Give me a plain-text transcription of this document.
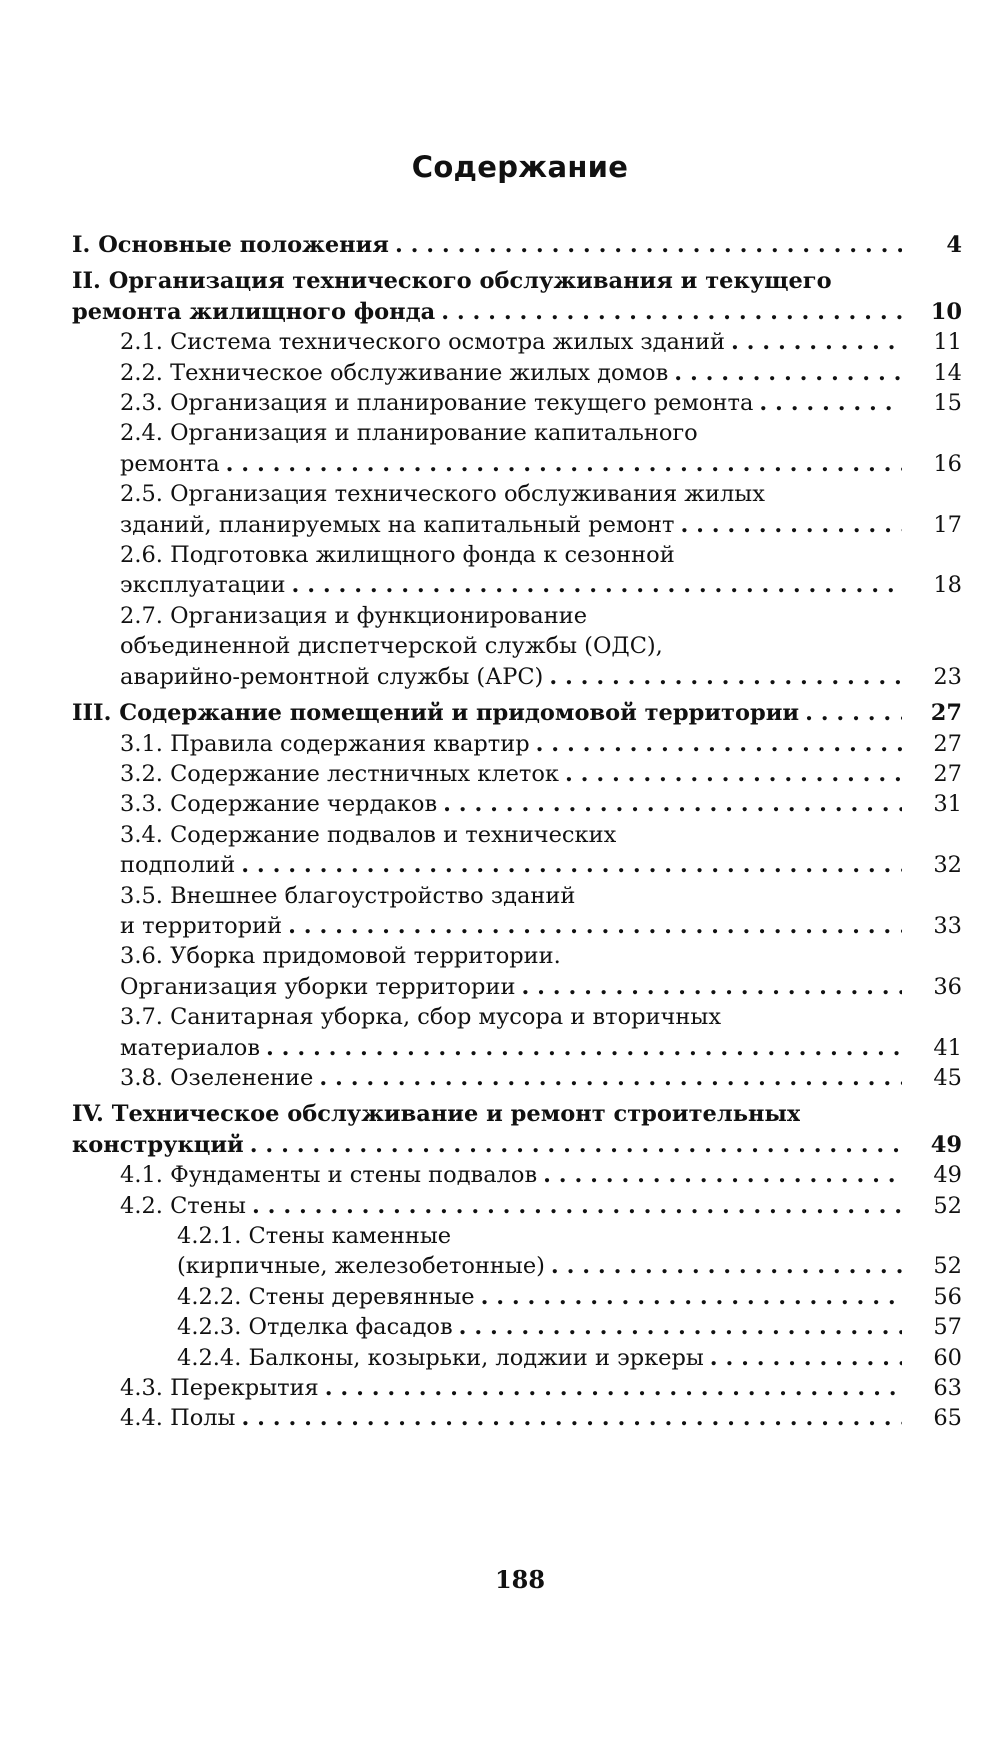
Содержание
I. Основные положения . . .	4
II. Организация технического обслуживания и текущего
ремонта жилищного фонда . . .	10
2.1. Система технического осмотра жилых зданий . . .	11
2.2. Техническое обслуживание жилых домов . . .	14
2.3. Организация и планирование текущего ремонта . . .	15
2.4. Организация и планирование капитального
ремонта . . .	16
2.5. Организация технического обслуживания жилых
зданий, планируемых на капитальный ремонт . . .	17
2.6. Подготовка жилищного фонда к сезонной
эксплуатации . . .	18
2.7. Организация и функционирование
объединенной диспетчерской службы (ОДС),
аварийно-ремонтной службы (АРС) . . .	23
III. Содержание помещений и придомовой территории . . .	27
3.1. Правила содержания квартир . . .	27
3.2. Содержание лестничных клеток . . .	27
3.3. Содержание чердаков . . .	31
3.4. Содержание подвалов и технических
подполий . . .	32
3.5. Внешнее благоустройство зданий
и территорий . . .	33
3.6. Уборка придомовой территории.
Организация уборки территории . . .	36
3.7. Санитарная уборка, сбор мусора и вторичных
материалов . . .	41
3.8. Озеленение . . .	45
IV. Техническое обслуживание и ремонт строительных
конструкций . . .	49
4.1. Фундаменты и стены подвалов . . .	49
4.2. Стены . . .	52
4.2.1. Стены каменные
(кирпичные, железобетонные) . . .	52
4.2.2. Стены деревянные . . .	56
4.2.3. Отделка фасадов . . .	57
4.2.4. Балконы, козырьки, лоджии и эркеры . . .	60
4.3. Перекрытия . . .	63
4.4. Полы . . .	65
188
